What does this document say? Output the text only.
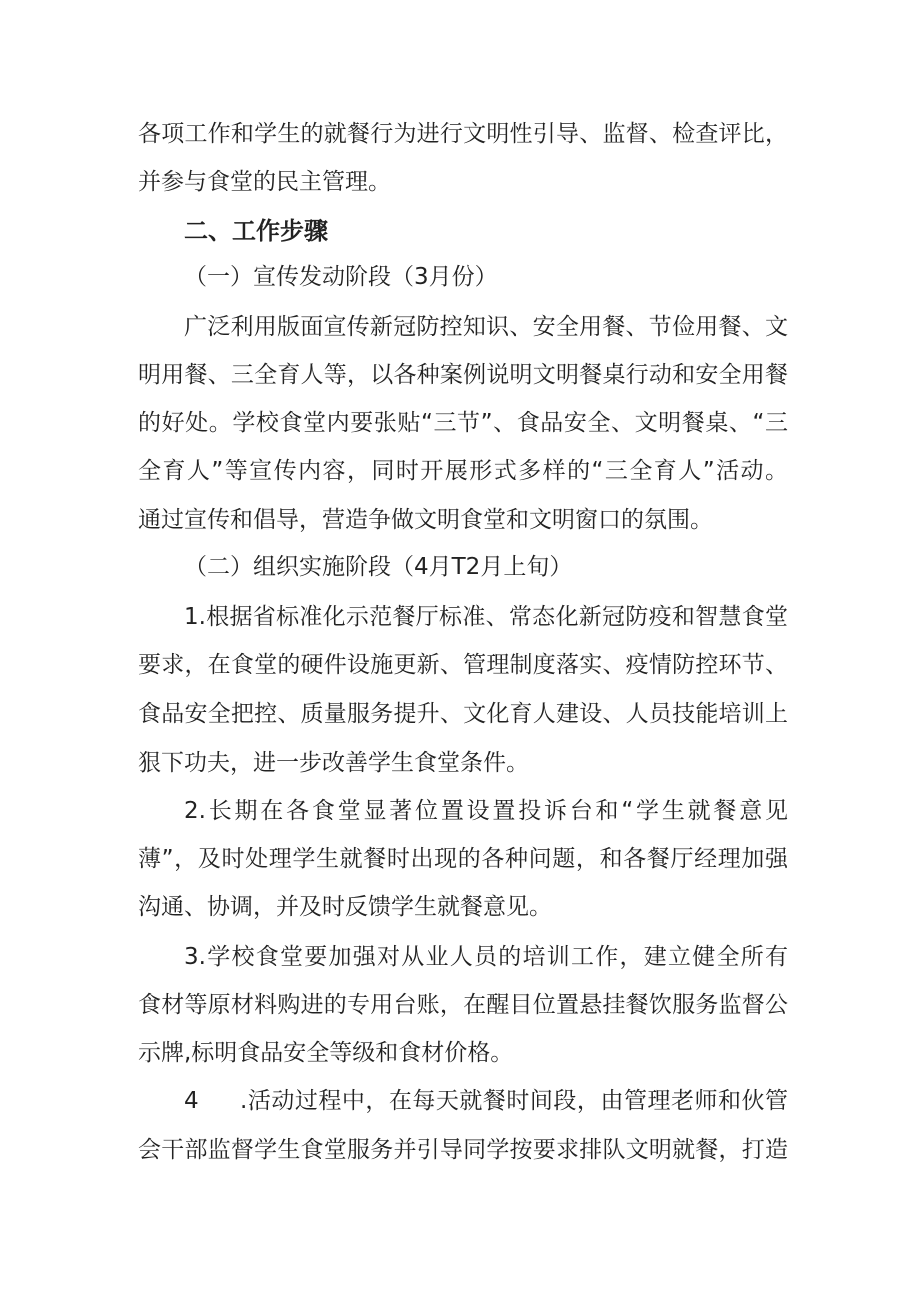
各项工作和学生的就餐行为进行文明性引导、监督、检查评比，
并参与食堂的民主管理。
二、工作步骤
（一）宣传发动阶段（3月份）
广泛利用版面宣传新冠防控知识、安全用餐、节俭用餐、文
明用餐、三全育人等，以各种案例说明文明餐桌行动和安全用餐
的好处。学校食堂内要张贴“三节”、食品安全、文明餐桌、“三
全育人”等宣传内容，同时开展形式多样的“三全育人”活动。
通过宣传和倡导，营造争做文明食堂和文明窗口的氛围。
（二）组织实施阶段（4月T2月上旬）
1.根据省标准化示范餐厅标准、常态化新冠防疫和智慧食堂
要求，在食堂的硬件设施更新、管理制度落实、疫情防控环节、
食品安全把控、质量服务提升、文化育人建设、人员技能培训上
狠下功夫，进一步改善学生食堂条件。
2.长期在各食堂显著位置设置投诉台和“学生就餐意见
薄”，及时处理学生就餐时出现的各种问题，和各餐厅经理加强
沟通、协调，并及时反馈学生就餐意见。
3.学校食堂要加强对从业人员的培训工作，建立健全所有
食材等原材料购进的专用台账，在醒目位置悬挂餐饮服务监督公
示牌,标明食品安全等级和食材价格。
4	.活动过程中，在每天就餐时间段，由管理老师和伙管
会干部监督学生食堂服务并引导同学按要求排队文明就餐，打造
